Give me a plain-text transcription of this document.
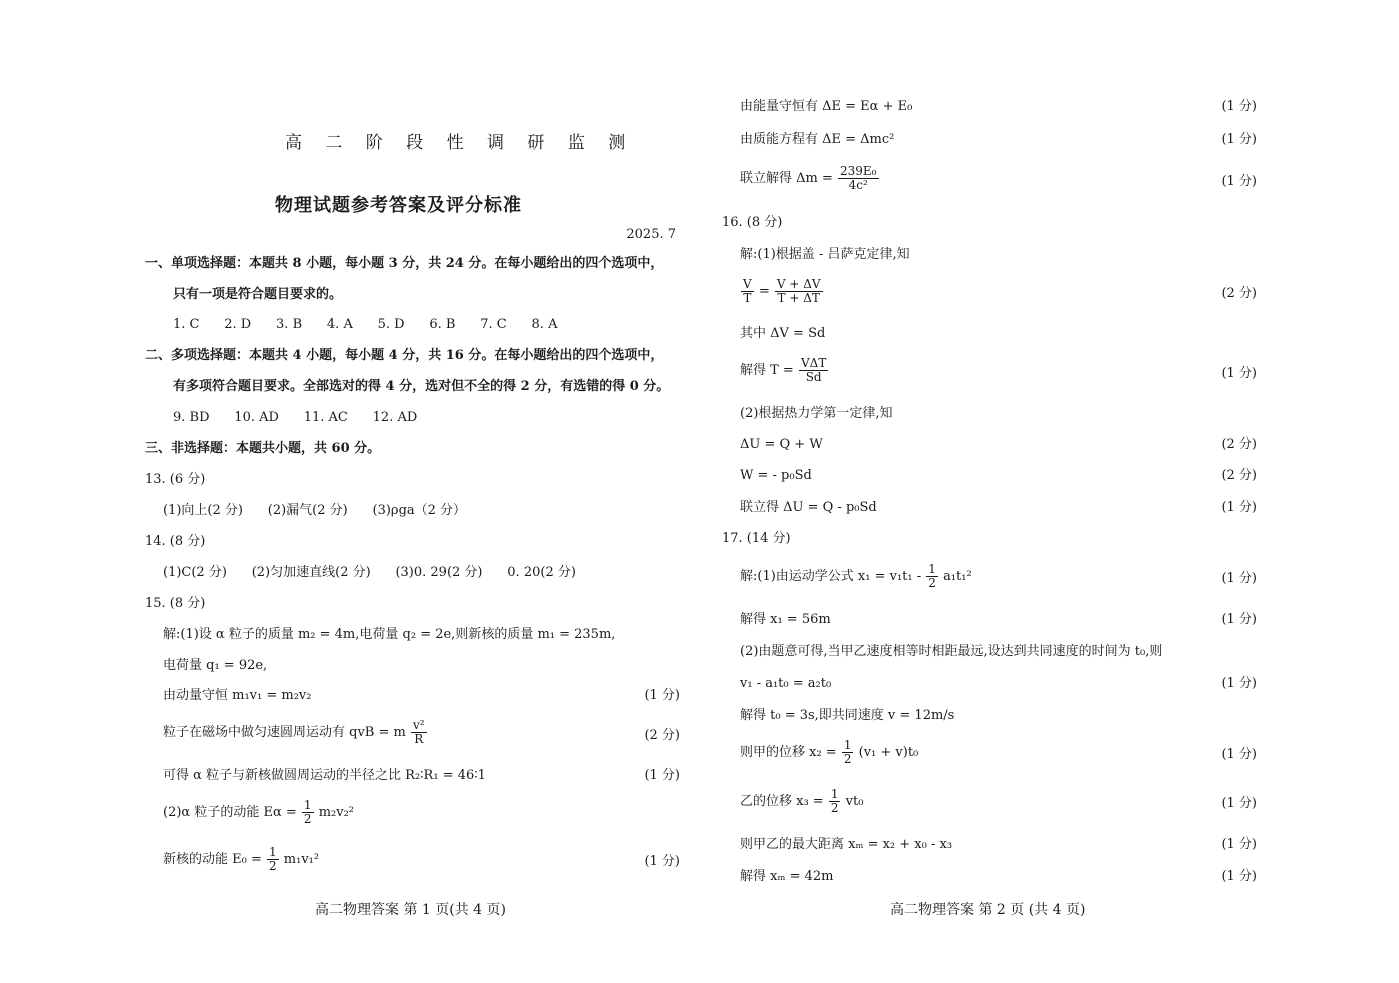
高 二 阶 段 性 调 研 监 测
物理试题参考答案及评分标准
2025. 7
一、单项选择题：本题共 8 小题，每小题 3 分，共 24 分。在每小题给出的四个选项中，
只有一项是符合题目要求的。
1. C      2. D      3. B      4. A      5. D      6. B      7. C      8. A
二、多项选择题：本题共 4 小题，每小题 4 分，共 16 分。在每小题给出的四个选项中，
有多项符合题目要求。全部选对的得 4 分，选对但不全的得 2 分，有选错的得 0 分。
9. BD      10. AD      11. AC      12. AD
三、非选择题：本题共小题，共 60 分。
13. (6 分)
(1)向上(2 分)      (2)漏气(2 分)      (3)ρga（2 分）
14. (8 分)
(1)C(2 分)      (2)匀加速直线(2 分)      (3)0. 29(2 分)      0. 20(2 分)
15. (8 分)
解:(1)设 α 粒子的质量 m₂ = 4m,电荷量 q₂ = 2e,则新核的质量 m₁ = 235m,
电荷量 q₁ = 92e,
由动量守恒 m₁v₁ = m₂v₂	(1 分)
粒子在磁场中做匀速圆周运动有 qvB = m $\frac{\text{v²}}{R}$	(2 分)
可得 α 粒子与新核做圆周运动的半径之比 R₂∶R₁ = 46∶1	(1 分)
(2)α 粒子的动能 $E\alpha = \frac{1}{2} m_2v_2^2$
新核的动能 $E_0 = \frac{1}{2} m_1v_1^2$	(1 分)
高二物理答案 第 1 页(共 4 页)
由能量守恒有 ΔE = Eα + E₀	(1 分)
由质能方程有 ΔE = Δmc²	(1 分)
联立解得 $\Delta m = \frac{\text{239E₀}}{\text{4c²}}$	(1 分)
16. (8 分)
解:(1)根据盖 - 吕萨克定律,知
$\frac{V}{T} = \frac{V + \Delta V}{T + \Delta T}$	(2 分)
其中 ΔV = Sd
解得 $T = \frac{\text{VΔT}}{Sd}$	(1 分)
(2)根据热力学第一定律,知
ΔU = Q + W	(2 分)
W = - p₀Sd	(2 分)
联立得 ΔU = Q - p₀Sd	(1 分)
17. (14 分)
解:(1)由运动学公式 $x_1 = v_1t_1 - \frac{1}{2} a_1t_1^2$	(1 分)
解得 x₁ = 56m	(1 分)
(2)由题意可得,当甲乙速度相等时相距最远,设达到共同速度的时间为 t₀,则
v₁ - a₁t₀ = a₂t₀	(1 分)
解得 t₀ = 3s,即共同速度 v = 12m/s
则甲的位移 $x_2 = \frac{1}{2} (v_1 + v)t_0$	(1 分)
乙的位移 $x_3 = \frac{1}{2} vt_0$	(1 分)
则甲乙的最大距离 xₘ = x₂ + x₀ - x₃	(1 分)
解得 xₘ = 42m	(1 分)
高二物理答案 第 2 页 (共 4 页)
